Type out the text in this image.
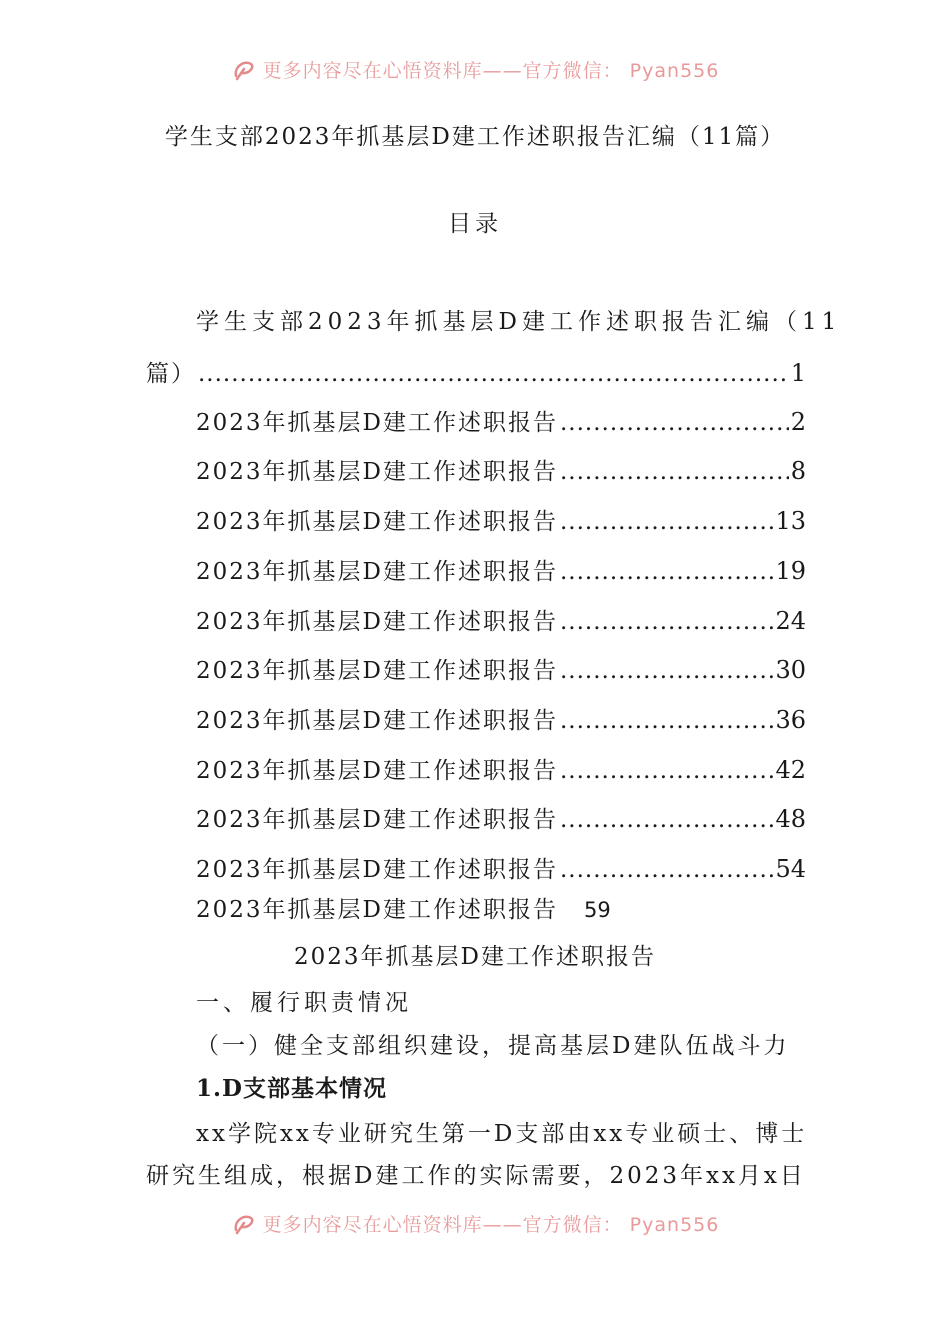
更多内容尽在心悟资料库——官方微信： Pyan556
学生支部2023年抓基层D建工作述职报告汇编（11篇）
目录
学生支部2023年抓基层D建工作述职报告汇编（11
篇） .....	1
2023年抓基层D建工作述职报告 .....	2
2023年抓基层D建工作述职报告 .....	8
2023年抓基层D建工作述职报告 .....	13
2023年抓基层D建工作述职报告 .....	19
2023年抓基层D建工作述职报告 .....	24
2023年抓基层D建工作述职报告 .....	30
2023年抓基层D建工作述职报告 .....	36
2023年抓基层D建工作述职报告 .....	42
2023年抓基层D建工作述职报告 .....	48
2023年抓基层D建工作述职报告 .....	54
2023年抓基层D建工作述职报告 59
2023年抓基层D建工作述职报告
一、履行职责情况
（一）健全支部组织建设，提高基层D建队伍战斗力
1.D支部基本情况
xx学院xx专业研究生第一D支部由xx专业硕士、博士
研究生组成，根据D建工作的实际需要，2023年xx月x日
更多内容尽在心悟资料库——官方微信： Pyan556
